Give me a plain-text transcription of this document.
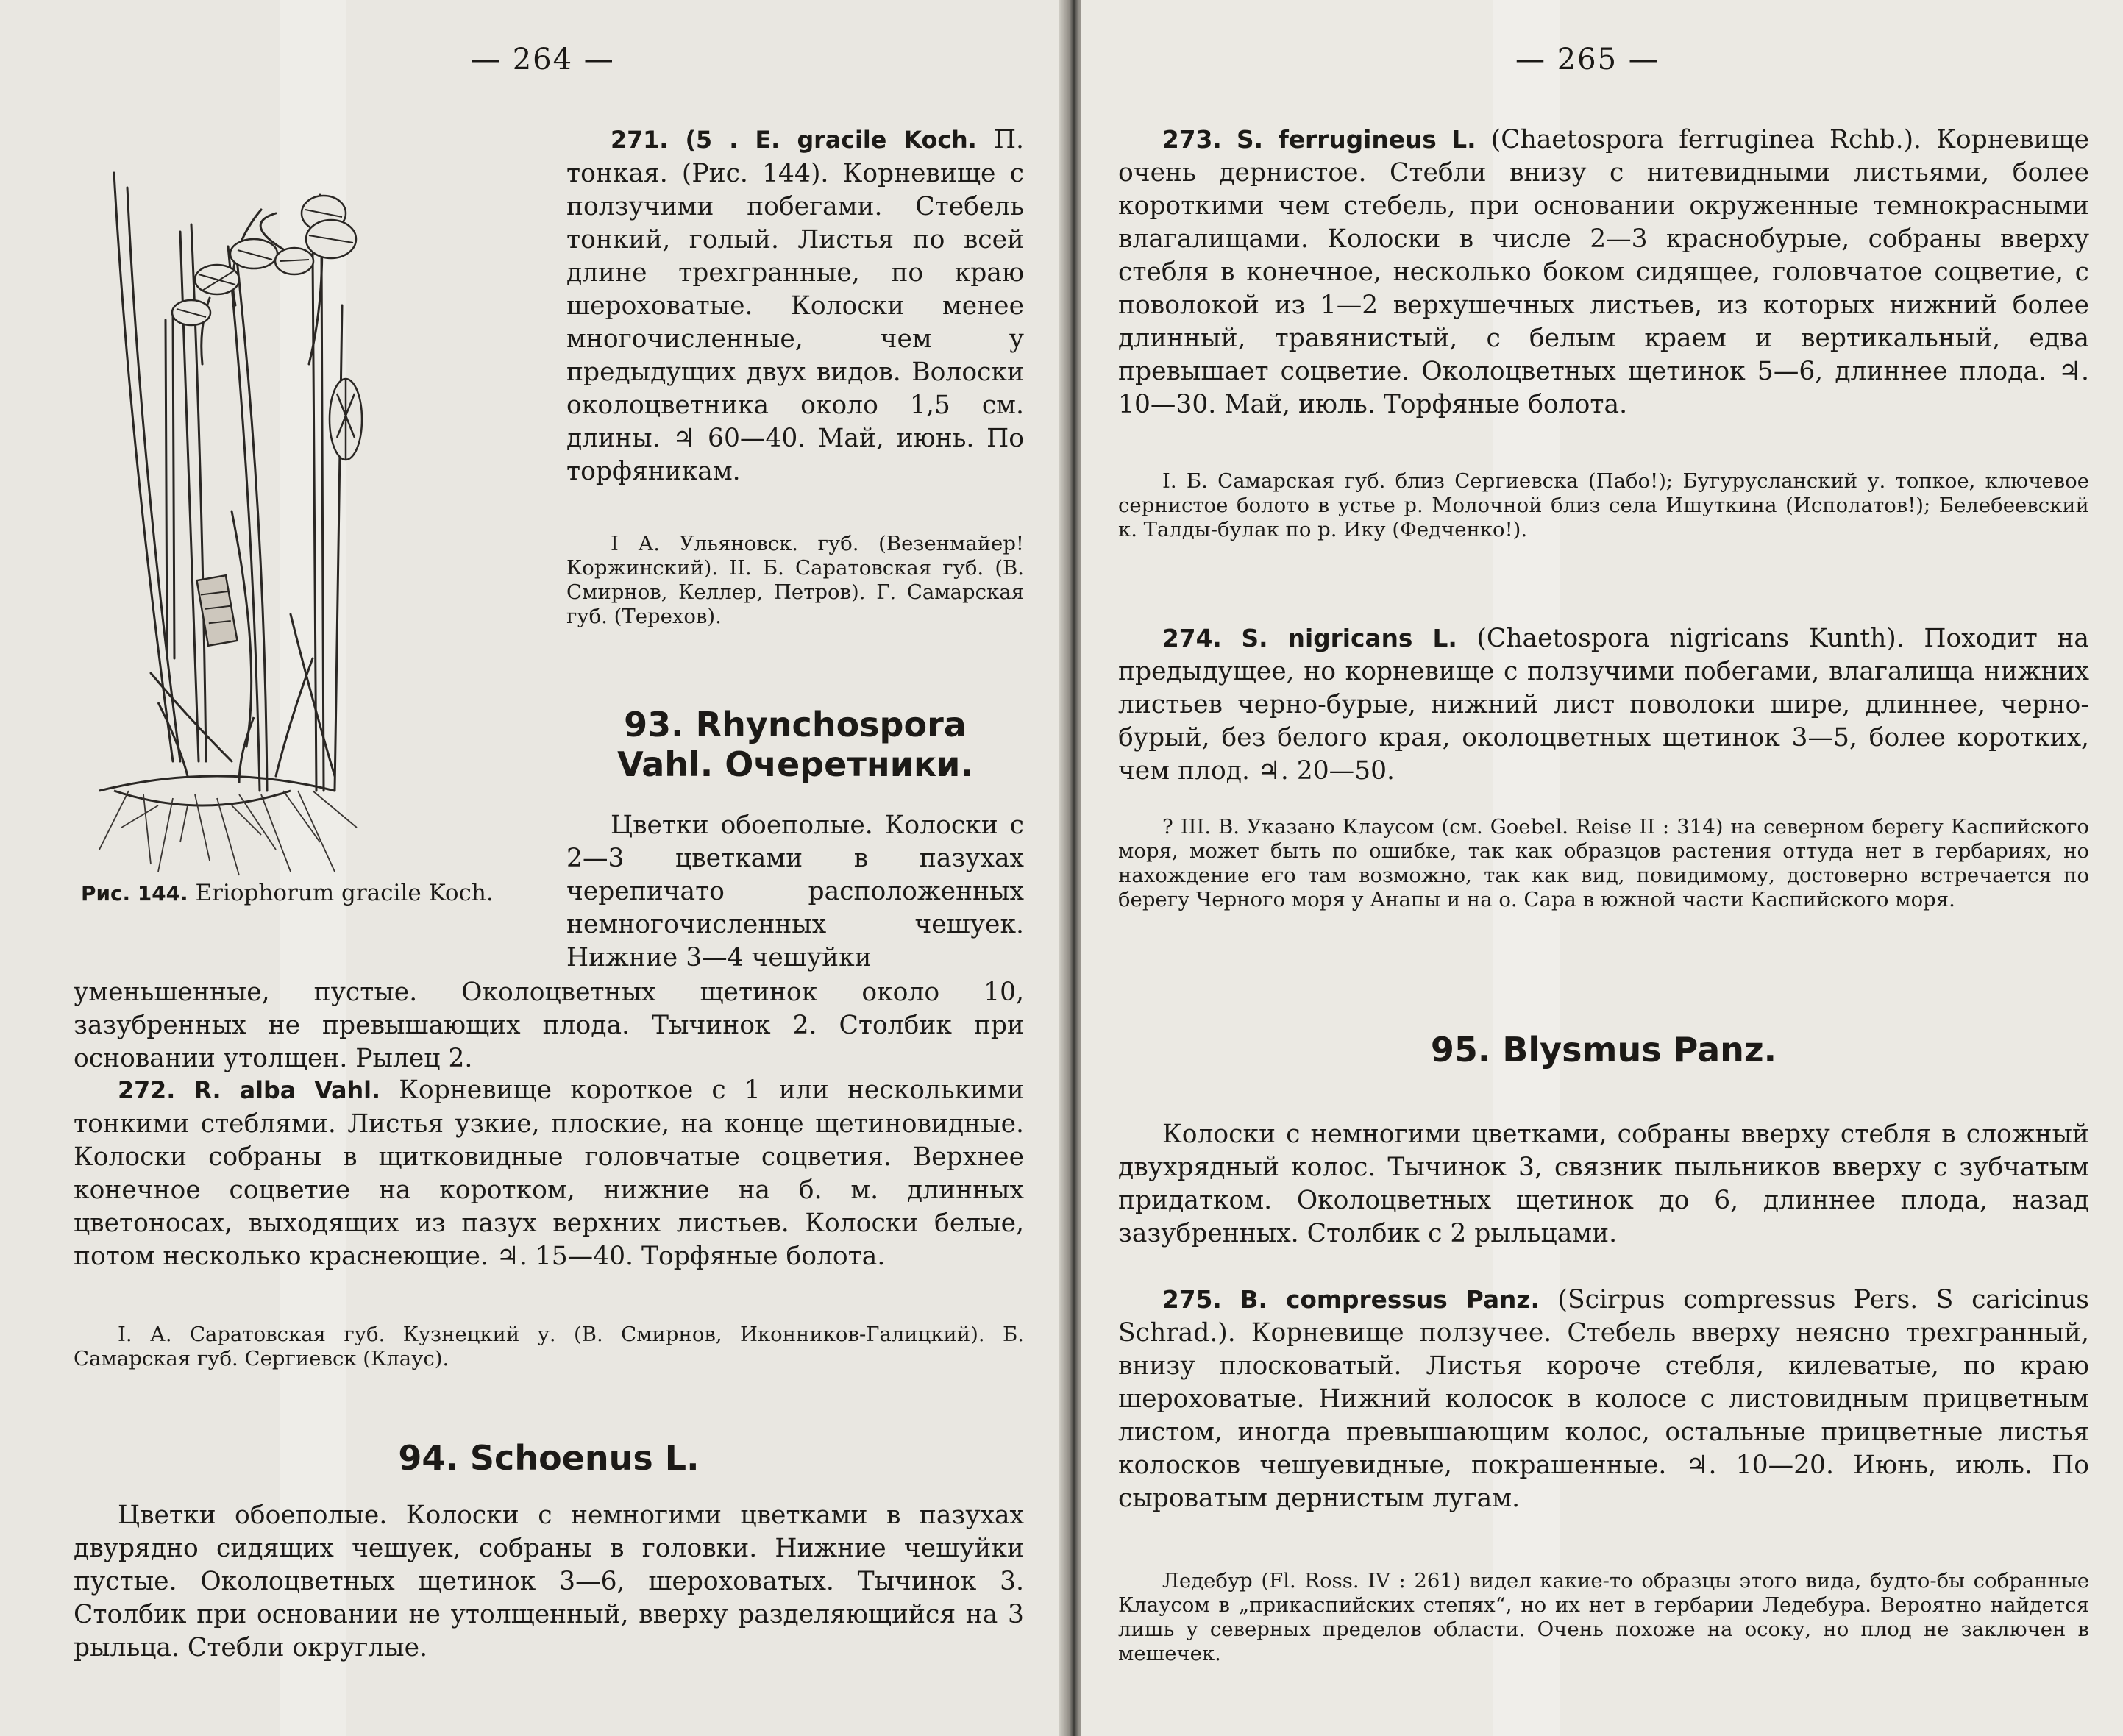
— 264 —
Рис. 144. Eriophorum gracile Koch.

271. (5 . E. gracile Koch. П. тонкая. (Рис. 144). Корневище с ползучими побегами. Стебель тонкий, голый. Листья по всей длине трехгранные, по краю шероховатые. Колоски менее многочисленные, чем у предыдущих двух видов. Волоски околоцветника около 1,5 см. длины. ♃ 60—40. Май, июнь. По торфяникам.

I А. Ульяновск. губ. (Везенмайер! Коржинский). II. Б. Саратовская губ. (В. Смирнов, Келлер, Петров). Г. Самарская губ. (Терехов).

93. Rhynchospora
Vahl. Очеретники.

Цветки обоеполые. Колоски с 2—3 цветками в пазухах черепичато расположенных немногочисленных чешуек. Нижние 3—4 чешуйки

уменьшенные, пустые. Околоцветных щетинок около 10, зазубренных не превышающих плода. Тычинок 2. Столбик при основании утолщен. Рылец 2.

272. R. alba Vahl. Корневище короткое с 1 или несколькими тонкими стеблями. Листья узкие, плоские, на конце щетиновидные. Колоски собраны в щитковидные головчатые соцветия. Верхнее конечное соцветие на коротком, нижние на б. м. длинных цветоносах, выходящих из пазух верхних листьев. Колоски белые, потом несколько краснеющие. ♃. 15—40. Торфяные болота.

I. А. Саратовская губ. Кузнецкий у. (В. Смирнов, Иконников-Галицкий). Б. Самарская губ. Сергиевск (Клаус).

94. Schoenus L.

Цветки обоеполые. Колоски с немногими цветками в пазухах двурядно сидящих чешуек, собраны в головки. Нижние чешуйки пустые. Околоцветных щетинок 3—6, шероховатых. Тычинок 3. Столбик при основании не утолщенный, вверху разделяющийся на 3 рыльца. Стебли округлые.

— 265 —

273. S. ferrugineus L. (Chaetospora ferruginea Rchb.). Корневище очень дернистое. Стебли внизу с нитевидными листьями, более короткими чем стебель, при основании окруженные темнокрасными влагалищами. Колоски в числе 2—3 краснобурые, собраны вверху стебля в конечное, несколько боком сидящее, головчатое соцветие, с поволокой из 1—2 верхушечных листьев, из которых нижний более длинный, травянистый, с белым краем и вертикальный, едва превышает соцветие. Околоцветных щетинок 5—6, длиннее плода. ♃. 10—30. Май, июль. Торфяные болота.

I. Б. Самарская губ. близ Сергиевска (Пабо!); Бугурусланский у. топкое, ключевое сернистое болото в устье р. Молочной близ села Ишуткина (Исполатов!); Белебеевский к. Талды-булак по р. Ику (Федченко!).

274. S. nigricans L. (Chaetospora nigricans Kunth). Походит на предыдущее, но корневище с ползучими побегами, влагалища нижних листьев черно-бурые, нижний лист поволоки шире, длиннее, черно-бурый, без белого края, околоцветных щетинок 3—5, более коротких, чем плод. ♃. 20—50.

? III. В. Указано Клаусом (см. Goebel. Reise II : 314) на северном берегу Каспийского моря, может быть по ошибке, так как образцов растения оттуда нет в гербариях, но нахождение его там возможно, так как вид, повидимому, достоверно встречается по берегу Черного моря у Анапы и на о. Сара в южной части Каспийского моря.

95. Blysmus Panz.

Колоски с немногими цветками, собраны вверху стебля в сложный двухрядный колос. Тычинок 3, связник пыльников вверху с зубчатым придатком. Околоцветных щетинок до 6, длиннее плода, назад зазубренных. Столбик с 2 рыльцами.

275. B. compressus Panz. (Scirpus compressus Pers. S caricinus Schrad.). Корневище ползучее. Стебель вверху неясно трехгранный, внизу плосковатый. Листья короче стебля, килеватые, по краю шероховатые. Нижний колосок в колосе с листовидным прицветным листом, иногда превышающим колос, остальные прицветные листья колосков чешуевидные, покрашенные. ♃. 10—20. Июнь, июль. По сыроватым дернистым лугам.

Ледебур (Fl. Ross. IV : 261) видел какие-то образцы этого вида, будто-бы собранные Клаусом в „прикаспийских степях“, но их нет в гербарии Ледебура. Вероятно найдется лишь у северных пределов области. Очень похоже на осоку, но плод не заключен в мешечек.
